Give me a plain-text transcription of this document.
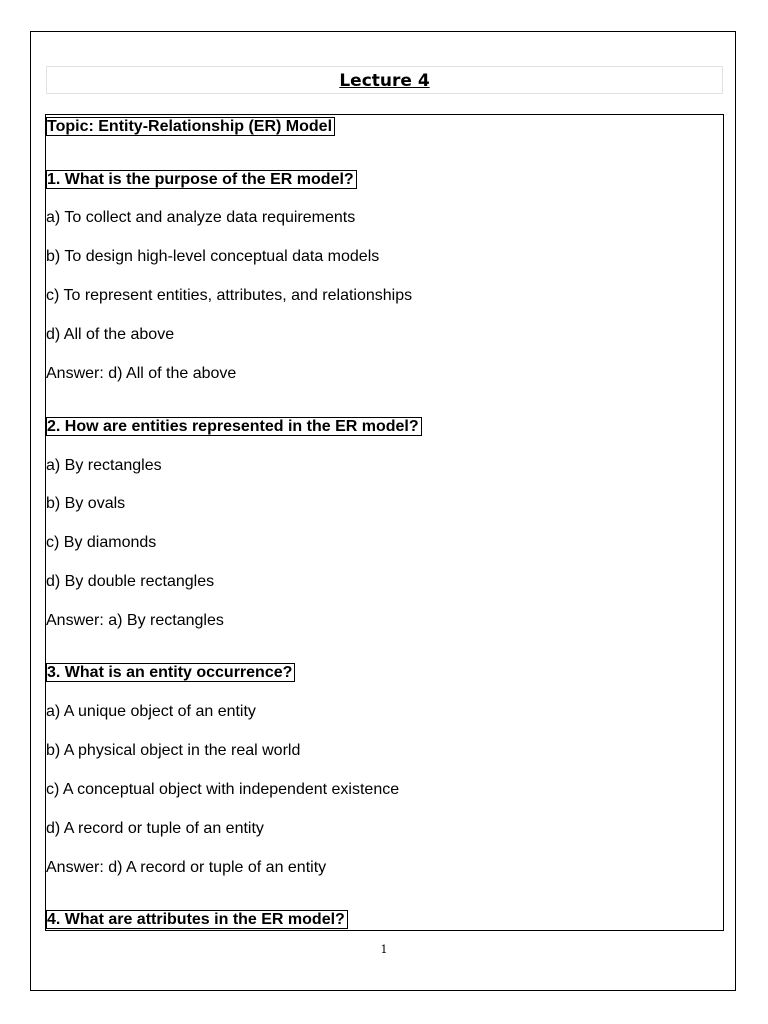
Lecture 4
Topic: Entity-Relationship (ER) Model
1. What is the purpose of the ER model?
a) To collect and analyze data requirements
b) To design high-level conceptual data models
c) To represent entities, attributes, and relationships
d) All of the above
Answer: d) All of the above
2. How are entities represented in the ER model?
a) By rectangles
b) By ovals
c) By diamonds
d) By double rectangles
Answer: a) By rectangles
3. What is an entity occurrence?
a) A unique object of an entity
b) A physical object in the real world
c) A conceptual object with independent existence
d) A record or tuple of an entity
Answer: d) A record or tuple of an entity
4. What are attributes in the ER model?
1
